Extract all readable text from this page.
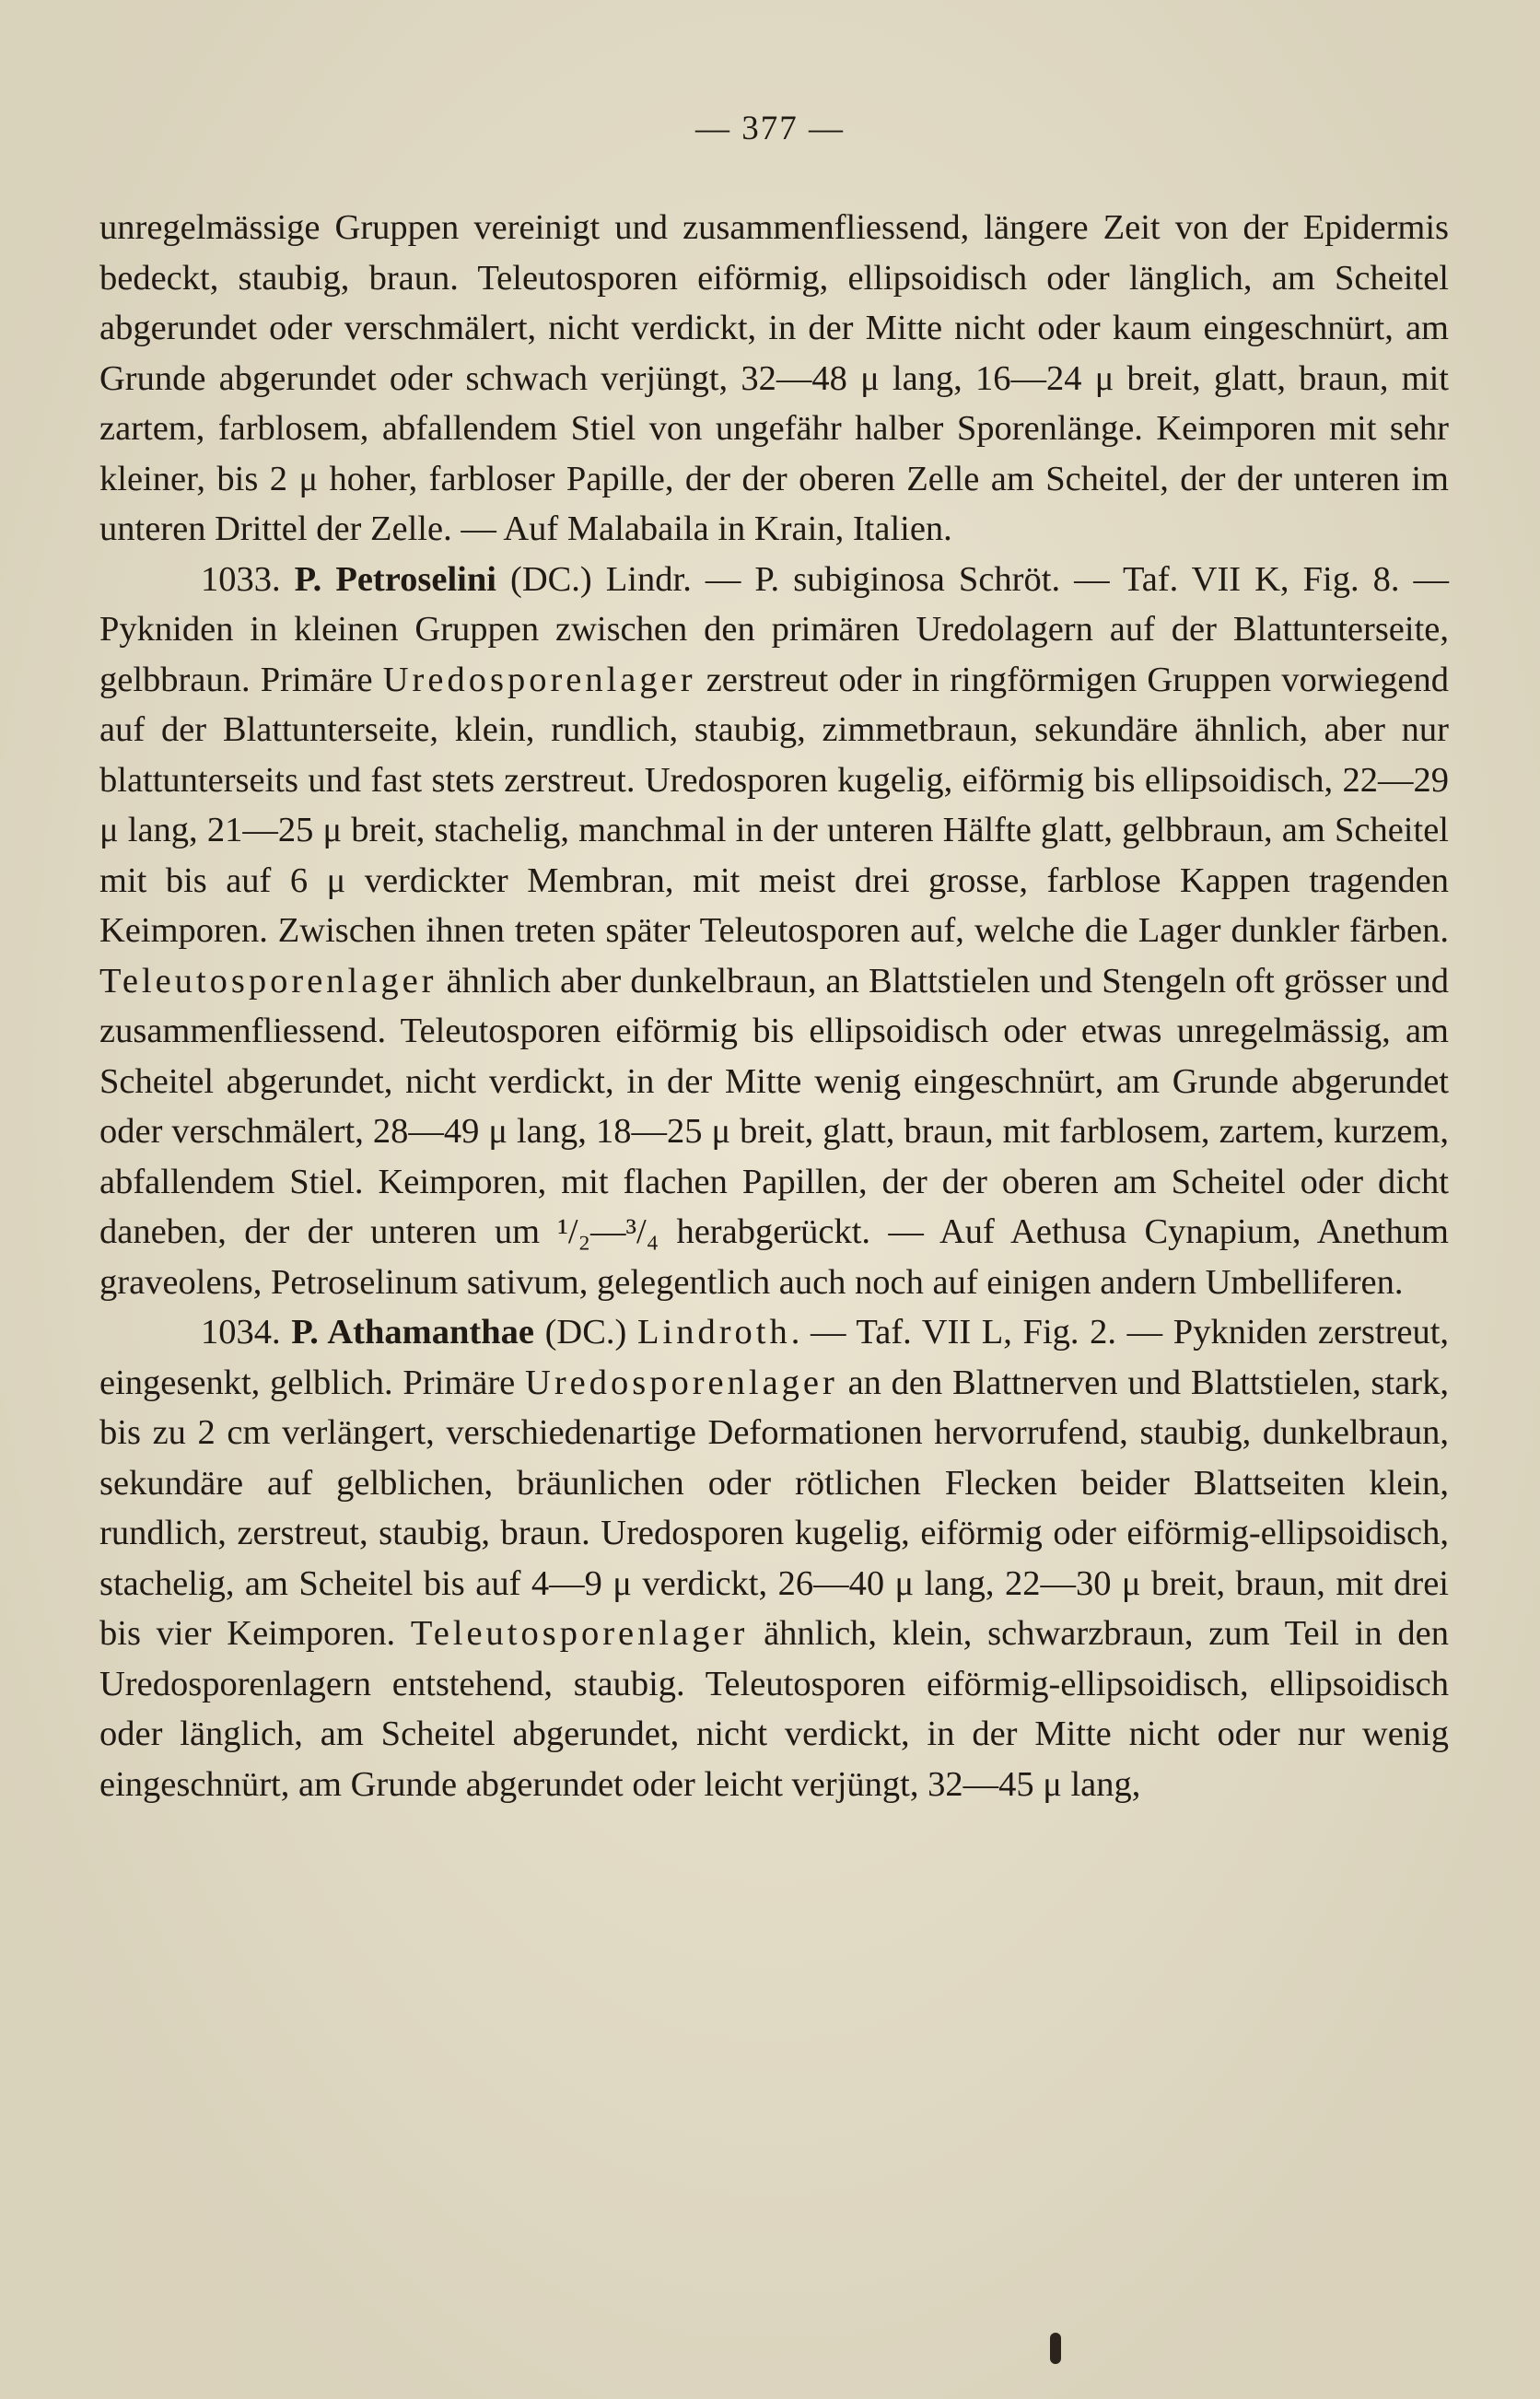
— 377 —

unregelmässige Gruppen vereinigt und zusammenfliessend, längere Zeit von der Epidermis bedeckt, staubig, braun. Teleutosporen eiförmig, ellipsoidisch oder länglich, am Scheitel abgerundet oder verschmälert, nicht verdickt, in der Mitte nicht oder kaum eingeschnürt, am Grunde abgerundet oder schwach verjüngt, 32—48 μ lang, 16—24 μ breit, glatt, braun, mit zartem, farblosem, abfallendem Stiel von ungefähr halber Sporenlänge. Keimporen mit sehr kleiner, bis 2 μ hoher, farbloser Papille, der der oberen Zelle am Scheitel, der der unteren im unteren Drittel der Zelle. — Auf Malabaila in Krain, Italien.

1033. P. Petroselini (DC.) Lindr. — P. subiginosa Schröt. — Taf. VII K, Fig. 8. — Pykniden in kleinen Gruppen zwischen den primären Uredolagern auf der Blattunterseite, gelbbraun. Primäre Uredosporenlager zerstreut oder in ringförmigen Gruppen vorwiegend auf der Blattunterseite, klein, rundlich, staubig, zimmetbraun, sekundäre ähnlich, aber nur blattunterseits und fast stets zerstreut. Uredosporen kugelig, eiförmig bis ellipsoidisch, 22—29 μ lang, 21—25 μ breit, stachelig, manchmal in der unteren Hälfte glatt, gelbbraun, am Scheitel mit bis auf 6 μ verdickter Membran, mit meist drei grosse, farblose Kappen tragenden Keimporen. Zwischen ihnen treten später Teleutosporen auf, welche die Lager dunkler färben. Teleutosporenlager ähnlich aber dunkelbraun, an Blattstielen und Stengeln oft grösser und zusammenfliessend. Teleutosporen eiförmig bis ellipsoidisch oder etwas unregelmässig, am Scheitel abgerundet, nicht verdickt, in der Mitte wenig eingeschnürt, am Grunde abgerundet oder verschmälert, 28—49 μ lang, 18—25 μ breit, glatt, braun, mit farblosem, zartem, kurzem, abfallendem Stiel. Keimporen, mit flachen Papillen, der der oberen am Scheitel oder dicht daneben, der der unteren um ¹/₂—³/₄ herabgerückt. — Auf Aethusa Cynapium, Anethum graveolens, Petroselinum sativum, gelegentlich auch noch auf einigen andern Umbelliferen.

1034. P. Athamanthae (DC.) Lindroth. — Taf. VII L, Fig. 2. — Pykniden zerstreut, eingesenkt, gelblich. Primäre Uredosporenlager an den Blattnerven und Blattstielen, stark, bis zu 2 cm verlängert, verschiedenartige Deformationen hervorrufend, staubig, dunkelbraun, sekundäre auf gelblichen, bräunlichen oder rötlichen Flecken beider Blattseiten klein, rundlich, zerstreut, staubig, braun. Uredosporen kugelig, eiförmig oder eiförmig-ellipsoidisch, stachelig, am Scheitel bis auf 4—9 μ verdickt, 26—40 μ lang, 22—30 μ breit, braun, mit drei bis vier Keimporen. Teleutosporenlager ähnlich, klein, schwarzbraun, zum Teil in den Uredosporenlagern entstehend, staubig. Teleutosporen eiförmig-ellipsoidisch, ellipsoidisch oder länglich, am Scheitel abgerundet, nicht verdickt, in der Mitte nicht oder nur wenig eingeschnürt, am Grunde abgerundet oder leicht verjüngt, 32—45 μ lang,
